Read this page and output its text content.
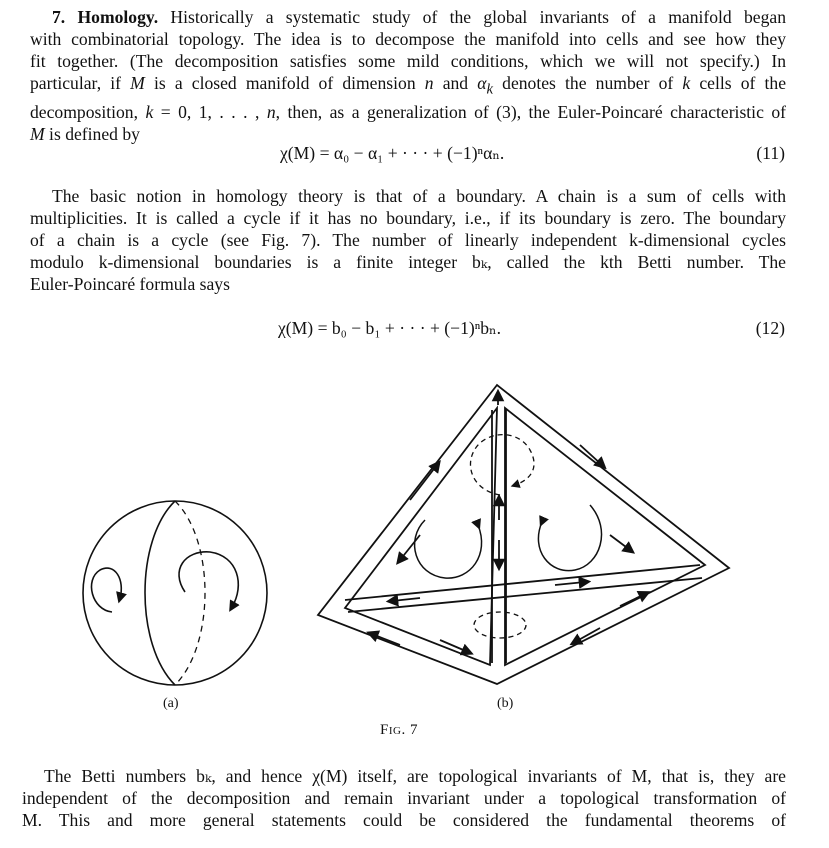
7. Homology. Historically a systematic study of the global invariants of a manifold began
with combinatorial topology. The idea is to decompose the manifold into cells and see how they
fit together. (The decomposition satisfies some mild conditions, which we will not specify.) In
particular, if M is a closed manifold of dimension n and $\alpha_k$ denotes the number of k cells of the
decomposition, k = 0, 1, . . . , n, then, as a generalization of (3), the Euler-Poincaré characteristic of
M is defined by
χ(M) = α₀ − α₁ + · · · + (−1)ⁿαₙ.	(11)
The basic notion in homology theory is that of a boundary. A chain is a sum of cells with
multiplicities. It is called a cycle if it has no boundary, i.e., if its boundary is zero. The boundary
of a chain is a cycle (see Fig. 7). The number of linearly independent k-dimensional cycles
modulo k-dimensional boundaries is a finite integer bₖ, called the kth Betti number. The
Euler-Poincaré formula says
χ(M) = b₀ − b₁ + · · · + (−1)ⁿbₙ.	(12)
(a)	(b)
Fig. 7
The Betti numbers bₖ, and hence χ(M) itself, are topological invariants of M, that is, they are
independent of the decomposition and remain invariant under a topological transformation of
M. This and more general statements could be considered the fundamental theorems of
